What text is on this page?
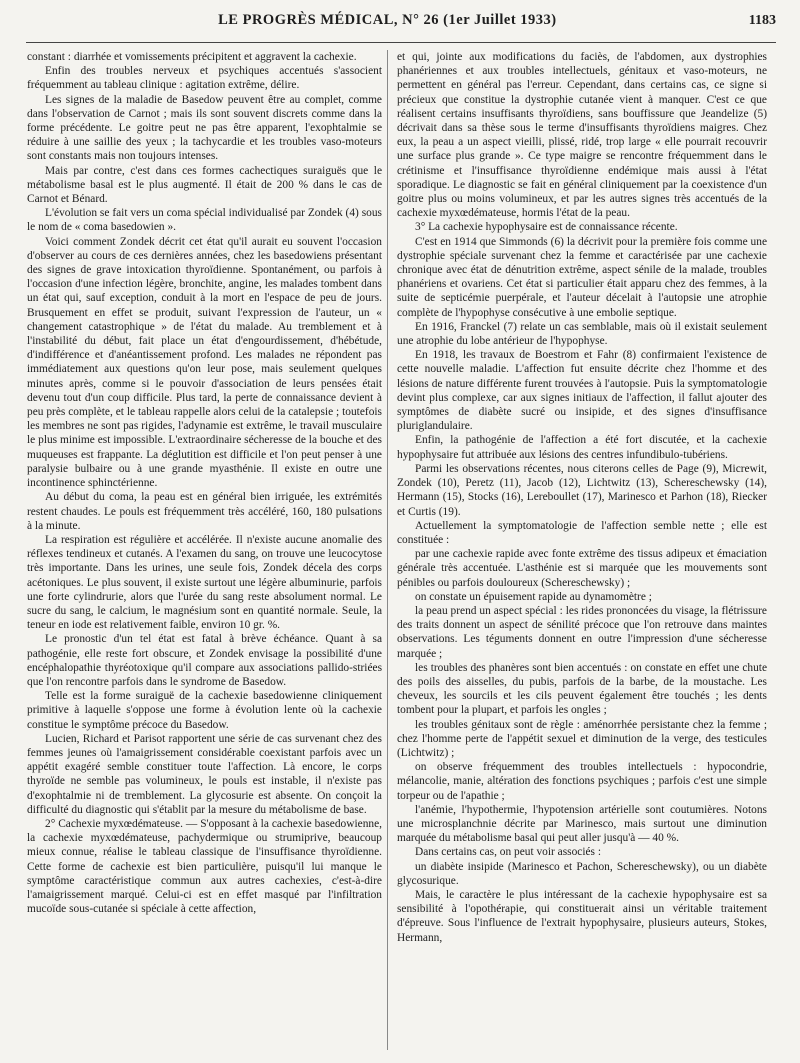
LE PROGRÈS MÉDICAL, N° 26 (1er Juillet 1933)	1183

constant : diarrhée et vomissements précipitent et aggravent la cachexie.

Enfin des troubles nerveux et psychiques accentués s'associent fréquemment au tableau clinique : agitation extrême, délire.

Les signes de la maladie de Basedow peuvent être au complet, comme dans l'observation de Carnot ; mais ils sont souvent discrets comme dans la forme précédente. Le goitre peut ne pas être apparent, l'exophtalmie se réduire à une saillie des yeux ; la tachycardie et les troubles vaso-moteurs sont constants mais non toujours intenses.

Mais par contre, c'est dans ces formes cachectiques suraiguës que le métabolisme basal est le plus augmenté. Il était de 200 % dans le cas de Carnot et Bénard.

L'évolution se fait vers un coma spécial individualisé par Zondek (4) sous le nom de « coma basedowien ».

Voici comment Zondek décrit cet état qu'il aurait eu souvent l'occasion d'observer au cours de ces dernières années, chez les basedowiens présentant des signes de grave intoxication thyroïdienne. Spontanément, ou parfois à l'occasion d'une infection légère, bronchite, angine, les malades tombent dans un état qui, sauf exception, conduit à la mort en l'espace de peu de jours. Brusquement en effet se produit, suivant l'expression de l'auteur, un « changement catastrophique » de l'état du malade. Au tremblement et à l'instabilité du début, fait place un état d'engourdissement, d'hébétude, d'indifférence et d'anéantissement profond. Les malades ne répondent pas immédiatement aux questions qu'on leur pose, mais seulement quelques minutes après, comme si le pouvoir d'association de leurs pensées était devenu tout d'un coup difficile. Plus tard, la perte de connaissance devient à peu près complète, et le tableau rappelle alors celui de la catalepsie ; toutefois les membres ne sont pas rigides, l'adynamie est extrême, le travail musculaire le plus minime est impossible. L'extraordinaire sécheresse de la bouche et des muqueuses est frappante. La déglutition est difficile et l'on peut penser à une paralysie bulbaire ou à une grande myasthénie. Il existe en outre une incontinence sphinctérienne.

Au début du coma, la peau est en général bien irriguée, les extrémités restent chaudes. Le pouls est fréquemment très accéléré, 160, 180 pulsations à la minute.

La respiration est régulière et accélérée. Il n'existe aucune anomalie des réflexes tendineux et cutanés. A l'examen du sang, on trouve une leucocytose très importante. Dans les urines, une seule fois, Zondek décela des corps acétoniques. Le plus souvent, il existe surtout une légère albuminurie, parfois une forte cylindrurie, alors que l'urée du sang reste absolument normal. Le sucre du sang, le calcium, le magnésium sont en quantité normale. Seule, la teneur en iode est relativement faible, environ 10 gr. %.

Le pronostic d'un tel état est fatal à brève échéance. Quant à sa pathogénie, elle reste fort obscure, et Zondek envisage la possibilité d'une encéphalopathie thyréotoxique qu'il compare aux associations pallido-striées que l'on rencontre parfois dans le syndrome de Basedow.

Telle est la forme suraiguë de la cachexie basedowienne cliniquement primitive à laquelle s'oppose une forme à évolution lente où la cachexie constitue le symptôme précoce du Basedow.

Lucien, Richard et Parisot rapportent une série de cas survenant chez des femmes jeunes où l'amaigrissement considérable coexistant parfois avec un appétit exagéré semble constituer toute l'affection. Là encore, le corps thyroïde ne semble pas volumineux, le pouls est instable, il n'existe pas d'exophtalmie ni de tremblement. La glycosurie est absente. On conçoit la difficulté du diagnostic qui s'établit par la mesure du métabolisme de base.

2° Cachexie myxœdémateuse. — S'opposant à la cachexie basedowienne, la cachexie myxœdémateuse, pachydermique ou strumiprive, beaucoup mieux connue, réalise le tableau classique de l'insuffisance thyroïdienne. Cette forme de cachexie est bien particulière, puisqu'il lui manque le symptôme caractéristique commun aux autres cachexies, c'est-à-dire l'amaigrissement marqué. Celui-ci est en effet masqué par l'infiltration mucoïde sous-cutanée si spéciale à cette affection,

et qui, jointe aux modifications du faciès, de l'abdomen, aux dystrophies phanériennes et aux troubles intellectuels, génitaux et vaso-moteurs, ne permettent en général pas l'erreur. Cependant, dans certains cas, ce signe si précieux que constitue la dystrophie cutanée vient à manquer. C'est ce que réalisent certains insuffisants thyroïdiens, sans bouffissure que Jeandelize (5) décrivait dans sa thèse sous le terme d'insuffisants thyroïdiens maigres. Chez eux, la peau a un aspect vieilli, plissé, ridé, trop large « elle pourrait recouvrir une surface plus grande ». Ce type maigre se rencontre fréquemment dans le crétinisme et l'insuffisance thyroïdienne endémique mais aussi à l'état sporadique. Le diagnostic se fait en général cliniquement par la coexistence d'un goitre plus ou moins volumineux, et par les autres signes très accentués de la cachexie myxœdémateuse, hormis l'état de la peau.

3° La cachexie hypophysaire est de connaissance récente.

C'est en 1914 que Simmonds (6) la décrivit pour la première fois comme une dystrophie spéciale survenant chez la femme et caractérisée par une cachexie chronique avec état de dénutrition extrême, aspect sénile de la malade, troubles phanériens et ovariens. Cet état si particulier était apparu chez des femmes, à la suite de septicémie puerpérale, et l'auteur décelait à l'autopsie une atrophie complète de l'hypophyse consécutive à une embolie septique.

En 1916, Franckel (7) relate un cas semblable, mais où il existait seulement une atrophie du lobe antérieur de l'hypophyse.

En 1918, les travaux de Boestrom et Fahr (8) confirmaient l'existence de cette nouvelle maladie. L'affection fut ensuite décrite chez l'homme et des lésions de nature différente furent trouvées à l'autopsie. Puis la symptomatologie devint plus complexe, car aux signes initiaux de l'affection, il fallut ajouter des symptômes de diabète sucré ou insipide, et des signes d'insuffisance pluriglandulaire.

Enfin, la pathogénie de l'affection a été fort discutée, et la cachexie hypophysaire fut attribuée aux lésions des centres infundibulo-tubériens.

Parmi les observations récentes, nous citerons celles de Page (9), Micrewit, Zondek (10), Peretz (11), Jacob (12), Lichtwitz (13), Schereschewsky (14), Hermann (15), Stocks (16), Lereboullet (17), Marinesco et Parhon (18), Riecker et Curtis (19).

Actuellement la symptomatologie de l'affection semble nette ; elle est constituée :

par une cachexie rapide avec fonte extrême des tissus adipeux et émaciation générale très accentuée. L'asthénie est si marquée que les mouvements sont pénibles ou parfois douloureux (Schereschewsky) ;

on constate un épuisement rapide au dynamomètre ;

la peau prend un aspect spécial : les rides prononcées du visage, la flétrissure des traits donnent un aspect de sénilité précoce que l'on retrouve dans maintes observations. Les téguments donnent en outre l'impression d'une sécheresse marquée ;

les troubles des phanères sont bien accentués : on constate en effet une chute des poils des aisselles, du pubis, parfois de la barbe, de la moustache. Les cheveux, les sourcils et les cils peuvent également être touchés ; les dents tombent pour la plupart, et parfois les ongles ;

les troubles génitaux sont de règle : aménorrhée persistante chez la femme ; chez l'homme perte de l'appétit sexuel et diminution de la verge, des testicules (Lichtwitz) ;

on observe fréquemment des troubles intellectuels : hypocondrie, mélancolie, manie, altération des fonctions psychiques ; parfois c'est une simple torpeur ou de l'apathie ;

l'anémie, l'hypothermie, l'hypotension artérielle sont coutumières. Notons une microsplanchnie décrite par Marinesco, mais surtout une diminution marquée du métabolisme basal qui peut aller jusqu'à — 40 %.

Dans certains cas, on peut voir associés :

un diabète insipide (Marinesco et Pachon, Schereschewsky), ou un diabète glycosurique.

Mais, le caractère le plus intéressant de la cachexie hypophysaire est sa sensibilité à l'opothérapie, qui constituerait ainsi un véritable traitement d'épreuve. Sous l'influence de l'extrait hypophysaire, plusieurs auteurs, Stokes, Hermann,
